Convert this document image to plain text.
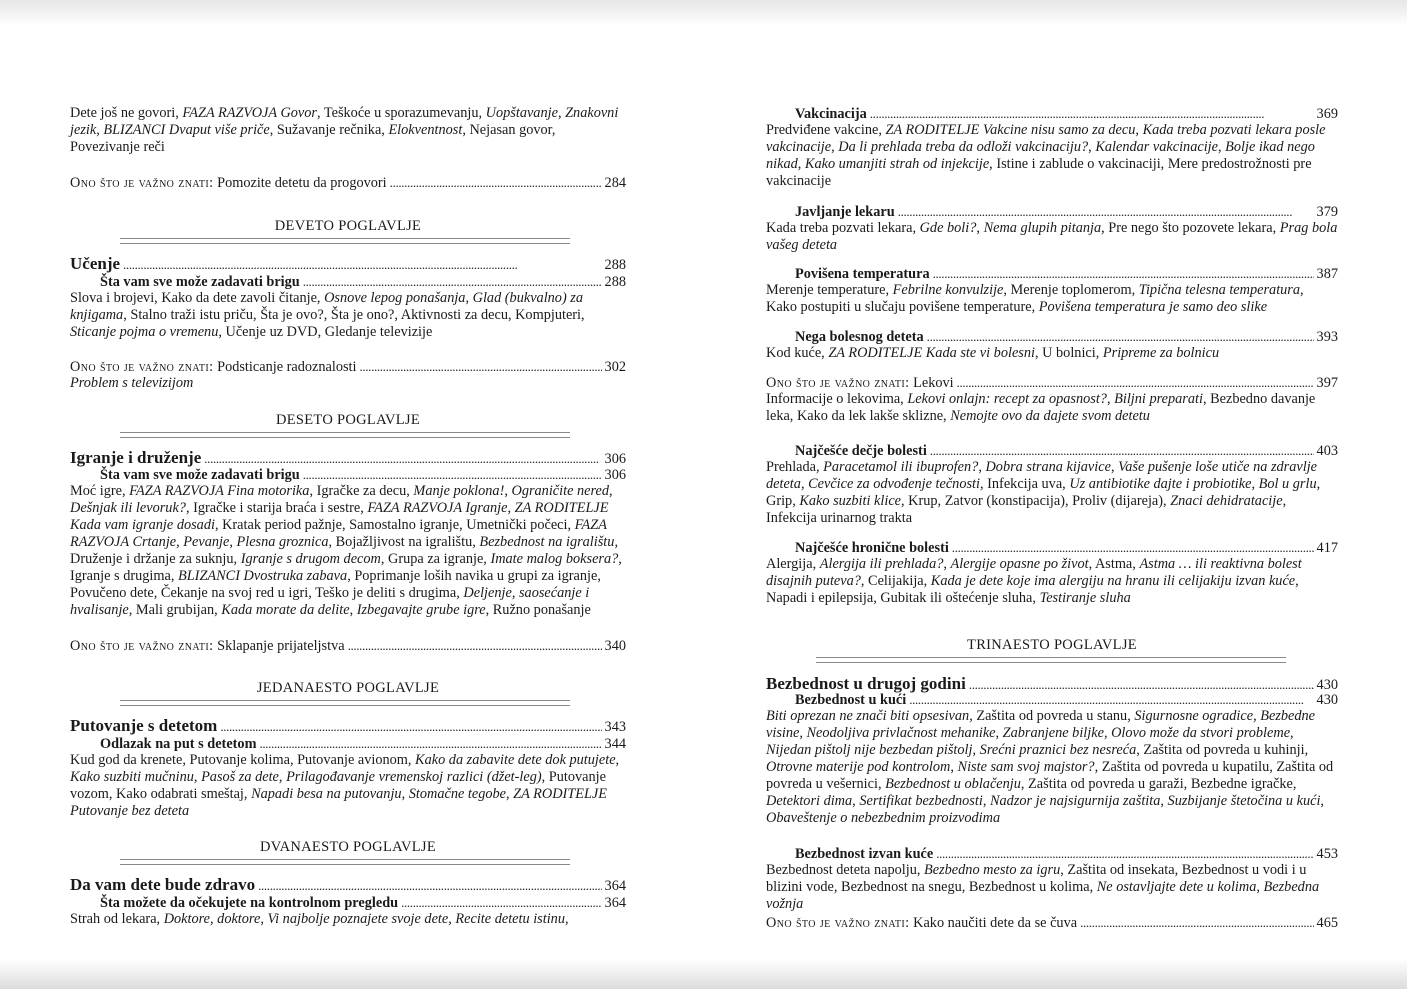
Dete još ne govori, FAZA RAZVOJA Govor, Teškoće u sporazumevanju, Uopštavanje, Znakovni jezik, BLIZANCI Dvaput više priče, Sužavanje rečnika, Elokventnost, Nejasan govor, Povezivanje reči
Ono što je važno znati: Pomozite detetu da progovori . . .	284
DEVETO POGLAVLJE
Učenje . . .	288
Šta vam sve može zadavati brigu . . .	288
Slova i brojevi, Kako da dete zavoli čitanje, Osnove lepog ponašanja, Glad (bukvalno) za knjigama, Stalno traži istu priču, Šta je ovo?, Šta je ono?, Aktivnosti za decu, Kompjuteri, Sticanje pojma o vremenu, Učenje uz DVD, Gledanje televizije
Ono što je važno znati: Podsticanje radoznalosti . . .	302
Problem s televizijom
DESETO POGLAVLJE
Igranje i druženje . . .	306
Šta vam sve može zadavati brigu . . .	306
Moć igre, FAZA RAZVOJA Fina motorika, Igračke za decu, Manje poklona!, Ograničite nered, Dešnjak ili levoruk?, Igračke i starija braća i sestre, FAZA RAZVOJA Igranje, ZA RODITELJE Kada vam igranje dosadi, Kratak period pažnje, Samostalno igranje, Umetnički počeci, FAZA RAZVOJA Crtanje, Pevanje, Plesna groznica, Bojažljivost na igralištu, Bezbednost na igralištu, Druženje i držanje za suknju, Igranje s drugom decom, Grupa za igranje, Imate malog boksera?, Igranje s drugima, BLIZANCI Dvostruka zabava, Poprimanje loših navika u grupi za igranje, Povučeno dete, Čekanje na svoj red u igri, Teško je deliti s drugima, Deljenje, saosećanje i hvalisanje, Mali grubijan, Kada morate da delite, Izbegavajte grube igre, Ružno ponašanje
Ono što je važno znati: Sklapanje prijateljstva . . .	340
JEDANAESTO POGLAVLJE
Putovanje s detetom . . .	343
Odlazak na put s detetom . . .	344
Kud god da krenete, Putovanje kolima, Putovanje avionom, Kako da zabavite dete dok putujete, Kako suzbiti mučninu, Pasoš za dete, Prilagođavanje vremenskoj razlici (džet-leg), Putovanje vozom, Kako odabrati smeštaj, Napadi besa na putovanju, Stomačne tegobe, ZA RODITELJE Putovanje bez deteta
DVANAESTO POGLAVLJE
Da vam dete bude zdravo . . .	364
Šta možete da očekujete na kontrolnom pregledu . . .	364
Strah od lekara, Doktore, doktore, Vi najbolje poznajete svoje dete, Recite detetu istinu,
Vakcinacija . . .	369
Predviđene vakcine, ZA RODITELJE Vakcine nisu samo za decu, Kada treba pozvati lekara posle vakcinacije, Da li prehlada treba da odloži vakcinaciju?, Kalendar vakcinacije, Bolje ikad nego nikad, Kako umanjiti strah od injekcije, Istine i zablude o vakcinaciji, Mere predostrožnosti pre vakcinacije
Javljanje lekaru . . .	379
Kada treba pozvati lekara, Gde boli?, Nema glupih pitanja, Pre nego što pozovete lekara, Prag bola vašeg deteta
Povišena temperatura . . .	387
Merenje temperature, Febrilne konvulzije, Merenje toplomerom, Tipična telesna temperatura, Kako postupiti u slučaju povišene temperature, Povišena temperatura je samo deo slike
Nega bolesnog deteta . . .	393
Kod kuće, ZA RODITELJE Kada ste vi bolesni, U bolnici, Pripreme za bolnicu
Ono što je važno znati: Lekovi . . .	397
Informacije o lekovima, Lekovi onlajn: recept za opasnost?, Biljni preparati, Bezbedno davanje leka, Kako da lek lakše sklizne, Nemojte ovo da dajete svom detetu
Najčešće dečje bolesti . . .	403
Prehlada, Paracetamol ili ibuprofen?, Dobra strana kijavice, Vaše pušenje loše utiče na zdravlje deteta, Cevčice za odvođenje tečnosti, Infekcija uva, Uz antibiotike dajte i probiotike, Bol u grlu, Grip, Kako suzbiti klice, Krup, Zatvor (konstipacija), Proliv (dijareja), Znaci dehidratacije, Infekcija urinarnog trakta
Najčešće hronične bolesti . . .	417
Alergija, Alergija ili prehlada?, Alergije opasne po život, Astma, Astma … ili reaktivna bolest disajnih puteva?, Celijakija, Kada je dete koje ima alergiju na hranu ili celijakiju izvan kuće, Napadi i epilepsija, Gubitak ili oštećenje sluha, Testiranje sluha
TRINAESTO POGLAVLJE
Bezbednost u drugoj godini . . .	430
Bezbednost u kući . . .	430
Biti oprezan ne znači biti opsesivan, Zaštita od povreda u stanu, Sigurnosne ogradice, Bezbedne visine, Neodoljiva privlačnost mehanike, Zabranjene biljke, Olovo može da stvori probleme, Nijedan pištolj nije bezbedan pištolj, Srećni praznici bez nesreća, Zaštita od povreda u kuhinji, Otrovne materije pod kontrolom, Niste sam svoj majstor?, Zaštita od povreda u kupatilu, Zaštita od povreda u vešernici, Bezbednost u oblačenju, Zaštita od povreda u garaži, Bezbedne igračke, Detektori dima, Sertifikat bezbednosti, Nadzor je najsigurnija zaštita, Suzbijanje štetočina u kući, Obaveštenje o nebezbednim proizvodima
Bezbednost izvan kuće . . .	453
Bezbednost deteta napolju, Bezbedno mesto za igru, Zaštita od insekata, Bezbednost u vodi i u blizini vode, Bezbednost na snegu, Bezbednost u kolima, Ne ostavljajte dete u kolima, Bezbedna vožnja
Ono što je važno znati: Kako naučiti dete da se čuva . . .	465
